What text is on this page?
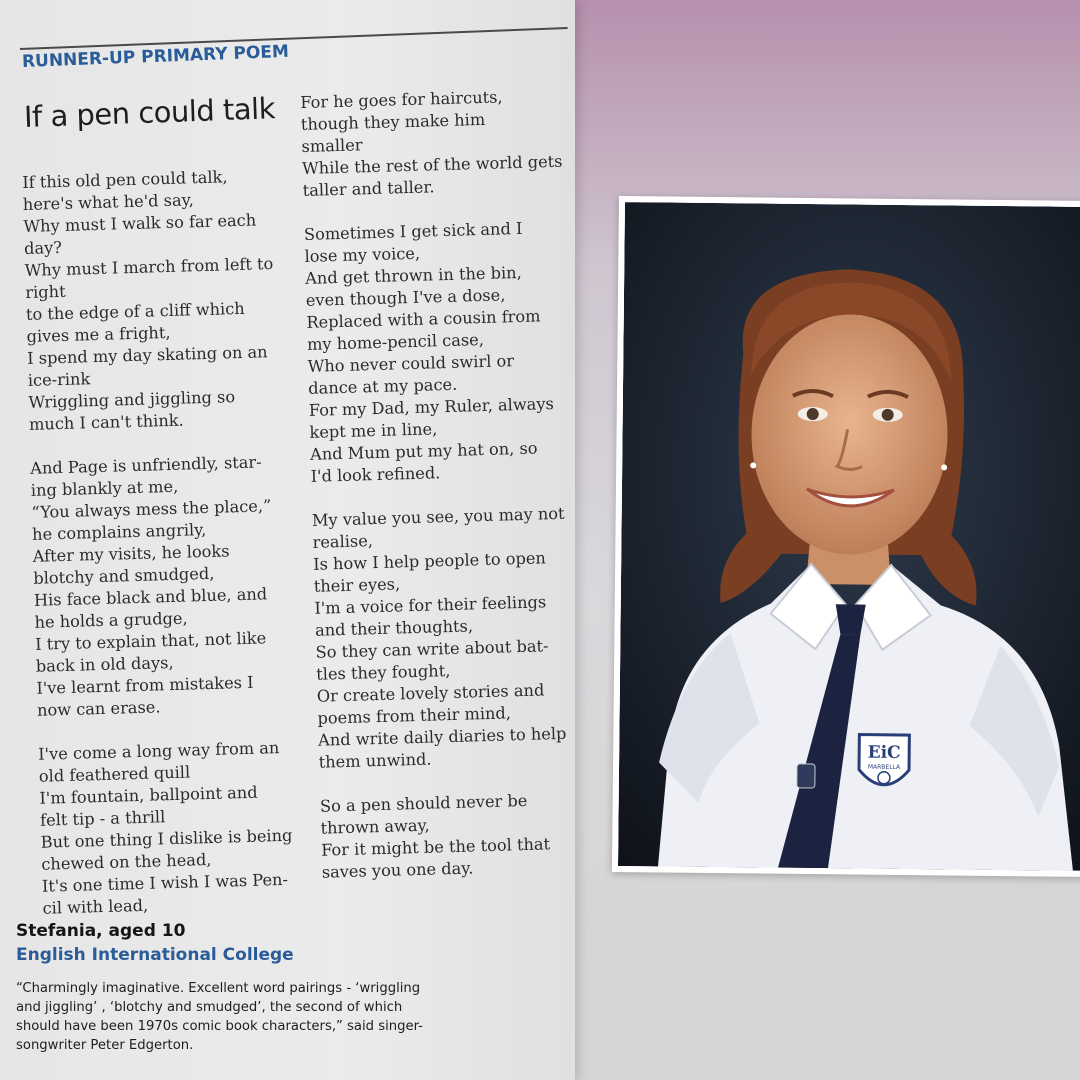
RUNNER-UP PRIMARY POEM
If a pen could talk
If this old pen could talk,
here's what he'd say,
Why must I walk so far each
day?
Why must I march from left to
right
to the edge of a cliff which
gives me a fright,
I spend my day skating on an
ice-rink
Wriggling and jiggling so
much I can't think.
And Page is unfriendly, star-
ing blankly at me,
“You always mess the place,”
he complains angrily,
After my visits, he looks
blotchy and smudged,
His face black and blue, and
he holds a grudge,
I try to explain that, not like
back in old days,
I've learnt from mistakes I
now can erase.
I've come a long way from an
old feathered quill
I'm fountain, ballpoint and
felt tip - a thrill
But one thing I dislike is being
chewed on the head,
It's one time I wish I was Pen-
cil with lead,
For he goes for haircuts,
though they make him
smaller
While the rest of the world gets
taller and taller.
Sometimes I get sick and I
lose my voice,
And get thrown in the bin,
even though I've a dose,
Replaced with a cousin from
my home-pencil case,
Who never could swirl or
dance at my pace.
For my Dad, my Ruler, always
kept me in line,
And Mum put my hat on, so
I'd look refined.
My value you see, you may not
realise,
Is how I help people to open
their eyes,
I'm a voice for their feelings
and their thoughts,
So they can write about bat-
tles they fought,
Or create lovely stories and
poems from their mind,
And write daily diaries to help
them unwind.
So a pen should never be
thrown away,
For it might be the tool that
saves you one day.
Stefania, aged 10
English International College
“Charmingly imaginative. Excellent word pairings - ‘wriggling and jiggling’ , ‘blotchy and smudged’, the second of which should have been 1970s comic book characters,” said singer-songwriter Peter Edgerton.
EiC
MARBELLA
